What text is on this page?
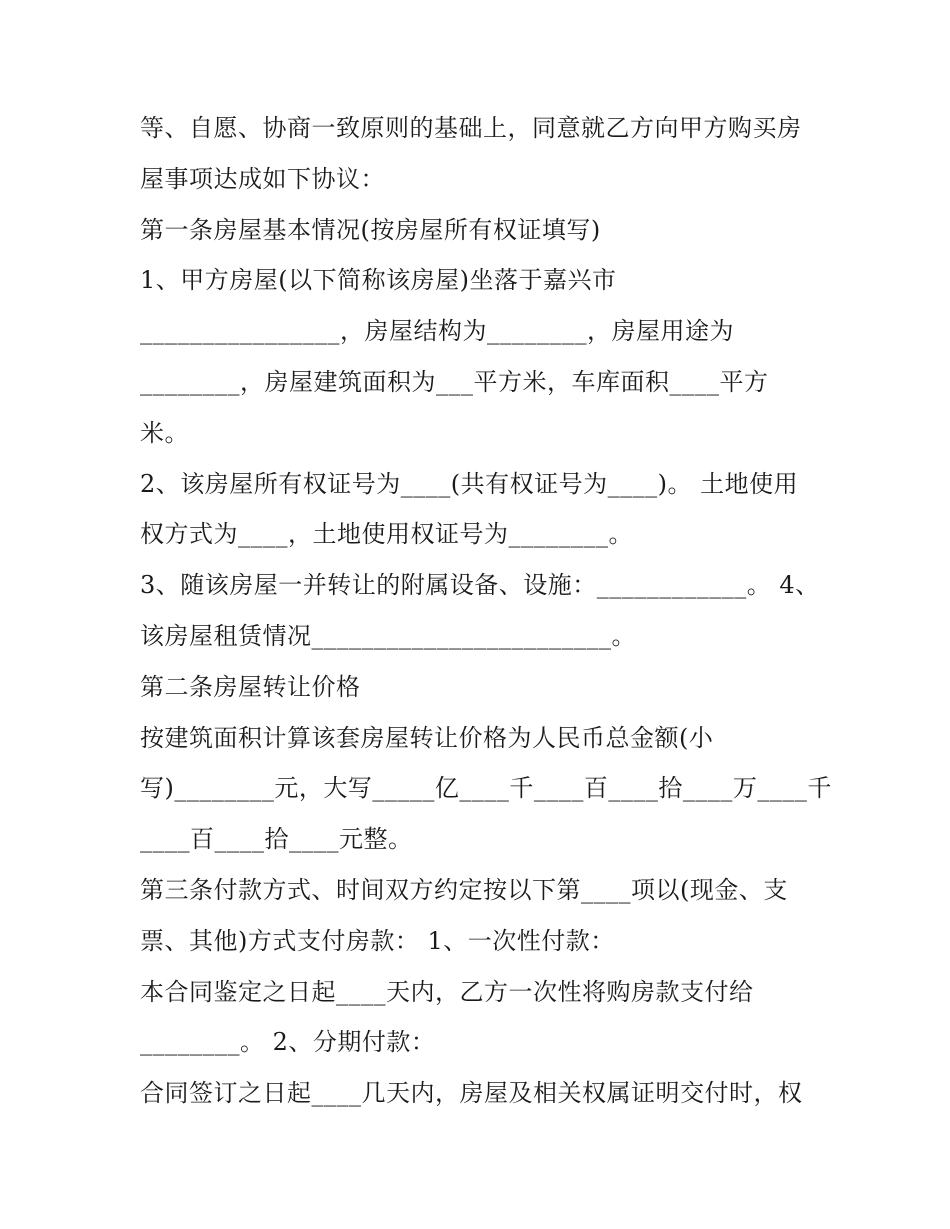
等、自愿、协商一致原则的基础上，同意就乙方向甲方购买房
屋事项达成如下协议：
第一条房屋基本情况(按房屋所有权证填写)
1、甲方房屋(以下简称该房屋)坐落于嘉兴市
________________，房屋结构为________，房屋用途为
________，房屋建筑面积为___平方米，车库面积____平方
米。
2、该房屋所有权证号为____(共有权证号为____)。 土地使用
权方式为____，土地使用权证号为________。
3、随该房屋一并转让的附属设备、设施：____________。 4、
该房屋租赁情况________________________。
第二条房屋转让价格
按建筑面积计算该套房屋转让价格为人民币总金额(小
写)________元，大写_____亿____千____百____拾____万____千
____百____拾____元整。
第三条付款方式、时间双方约定按以下第____项以(现金、支
票、其他)方式支付房款： 1、一次性付款：
本合同鉴定之日起____天内，乙方一次性将购房款支付给
________。 2、分期付款：
合同签订之日起____几天内，房屋及相关权属证明交付时，权
